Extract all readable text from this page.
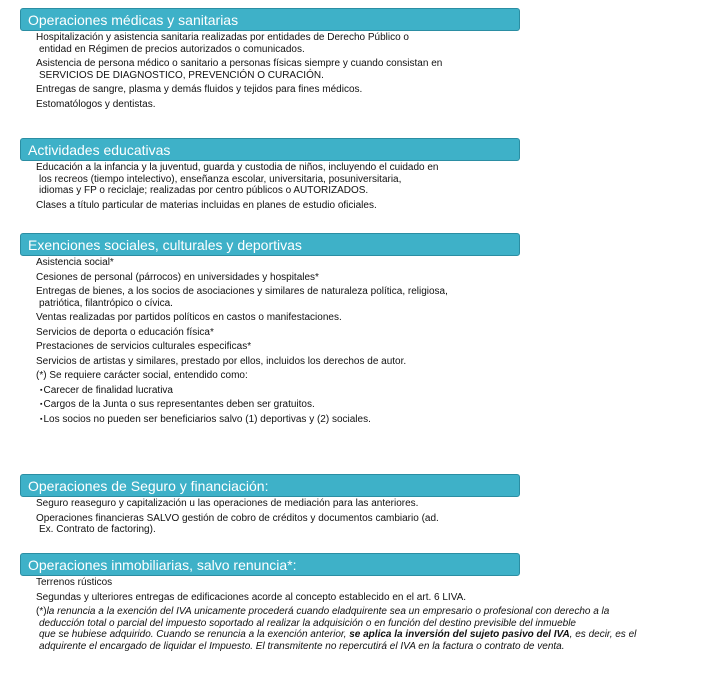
Operaciones médicas y sanitarias
Hospitalización y asistencia sanitaria realizadas por entidades de Derecho Público o
entidad en Régimen de precios autorizados o comunicados.
Asistencia de persona médico o sanitario a personas físicas siempre y cuando consistan en
SERVICIOS DE DIAGNOSTICO, PREVENCIÓN O CURACIÓN.
Entregas de sangre, plasma y demás fluidos y tejidos para fines médicos.
Estomatólogos y dentistas.
Actividades educativas
Educación a la infancia y la juventud, guarda y custodia de niños, incluyendo el cuidado en
los recreos (tiempo intelectivo), enseñanza escolar, universitaria, posuniversitaria,
idiomas y FP o reciclaje; realizadas por centro públicos o AUTORIZADOS.
Clases a título particular de materias incluidas en planes de estudio oficiales.
Exenciones sociales, culturales y deportivas
Asistencia social*
Cesiones de personal (párrocos) en universidades y hospitales*
Entregas de bienes, a los socios de asociaciones y similares de naturaleza política, religiosa,
patriótica, filantrópico o cívica.
Ventas realizadas por partidos políticos en castos o manifestaciones.
Servicios de deporta o educación física*
Prestaciones de servicios culturales especificas*
Servicios de artistas y similares, prestado por ellos, incluidos los derechos de autor.
(*) Se requiere carácter social, entendido como:
▪ Carecer de finalidad lucrativa
▪ Cargos de la Junta o sus representantes deben ser gratuitos.
▪ Los socios no pueden ser beneficiarios salvo (1) deportivas y (2) sociales.
Operaciones de Seguro y financiación:
Seguro reaseguro y capitalización u las operaciones de mediación para las anteriores.
Operaciones financieras SALVO gestión de cobro de créditos y documentos cambiario (ad.
Ex. Contrato de factoring).
Operaciones inmobiliarias, salvo renuncia*:
Terrenos rústicos
Segundas y ulteriores entregas de edificaciones acorde al concepto establecido en el art. 6 LIVA.
(*)la renuncia a la exención del IVA unicamente procederá cuando eladquirente sea un empresario o profesional con derecho a la
deducción total o parcial del impuesto soportado al realizar la adquisición o en función del destino previsible del inmueble
que se hubiese adquirido. Cuando se renuncia a la exención anterior, se aplica la inversión del sujeto pasivo del IVA, es decir, es el
adquirente el encargado de liquidar el Impuesto. El transmitente no repercutirá el IVA en la factura o contrato de venta.
